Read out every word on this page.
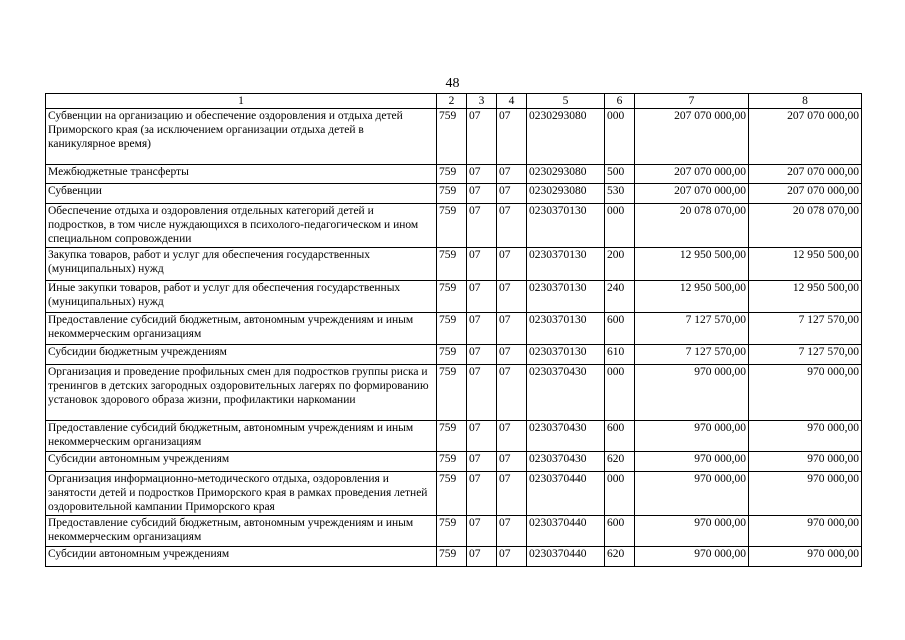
48
1	2	3	4	5	6	7	8
Субвенции на организацию и обеспечение оздоровления и отдыха детей Приморского края (за исключением организации отдыха детей в каникулярное время)	759	07	07	0230293080	000	207 070 000,00	207 070 000,00
Межбюджетные трансферты	759	07	07	0230293080	500	207 070 000,00	207 070 000,00
Субвенции	759	07	07	0230293080	530	207 070 000,00	207 070 000,00
Обеспечение отдыха и оздоровления отдельных категорий детей и подростков, в том числе нуждающихся в психолого-педагогическом и ином специальном сопровождении	759	07	07	0230370130	000	20 078 070,00	20 078 070,00
Закупка товаров, работ и услуг для обеспечения государственных (муниципальных) нужд	759	07	07	0230370130	200	12 950 500,00	12 950 500,00
Иные закупки товаров, работ и услуг для обеспечения государственных (муниципальных) нужд	759	07	07	0230370130	240	12 950 500,00	12 950 500,00
Предоставление субсидий бюджетным, автономным учреждениям и иным некоммерческим организациям	759	07	07	0230370130	600	7 127 570,00	7 127 570,00
Субсидии бюджетным учреждениям	759	07	07	0230370130	610	7 127 570,00	7 127 570,00
Организация и проведение профильных смен для подростков группы риска и тренингов в детских загородных оздоровительных лагерях по формированию установок здорового образа жизни, профилактики наркомании	759	07	07	0230370430	000	970 000,00	970 000,00
Предоставление субсидий бюджетным, автономным учреждениям и иным некоммерческим организациям	759	07	07	0230370430	600	970 000,00	970 000,00
Субсидии автономным учреждениям	759	07	07	0230370430	620	970 000,00	970 000,00
Организация информационно-методического отдыха, оздоровления и занятости детей и подростков Приморского края в рамках проведения летней оздоровительной кампании Приморского края	759	07	07	0230370440	000	970 000,00	970 000,00
Предоставление субсидий бюджетным, автономным учреждениям и иным некоммерческим организациям	759	07	07	0230370440	600	970 000,00	970 000,00
Субсидии автономным учреждениям	759	07	07	0230370440	620	970 000,00	970 000,00
